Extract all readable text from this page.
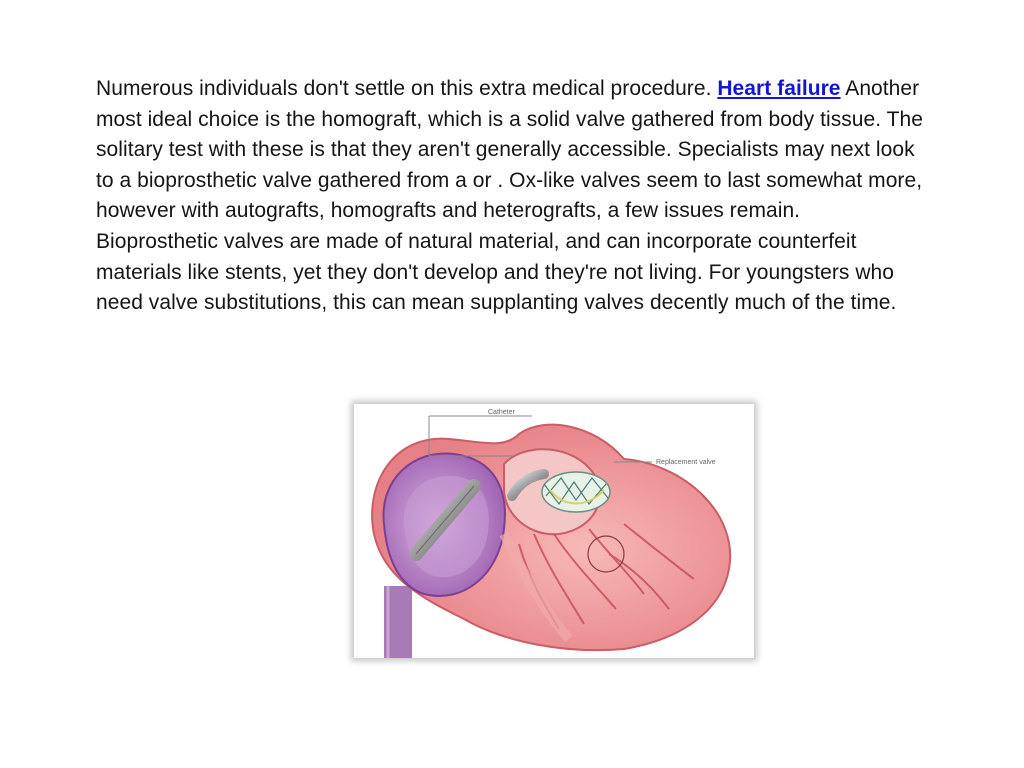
Numerous individuals don't settle on this extra medical procedure. Heart failure Another most ideal choice is the homograft, which is a solid valve gathered from body tissue. The solitary test with these is that they aren't generally accessible. Specialists may next look to a bioprosthetic valve gathered from a or . Ox-like valves seem to last somewhat more, however with autografts, homografts and heterografts, a few issues remain. Bioprosthetic valves are made of natural material, and can incorporate counterfeit materials like stents, yet they don't develop and they're not living. For youngsters who need valve substitutions, this can mean supplanting valves decently much of the time.

Catheter
Replacement valve
